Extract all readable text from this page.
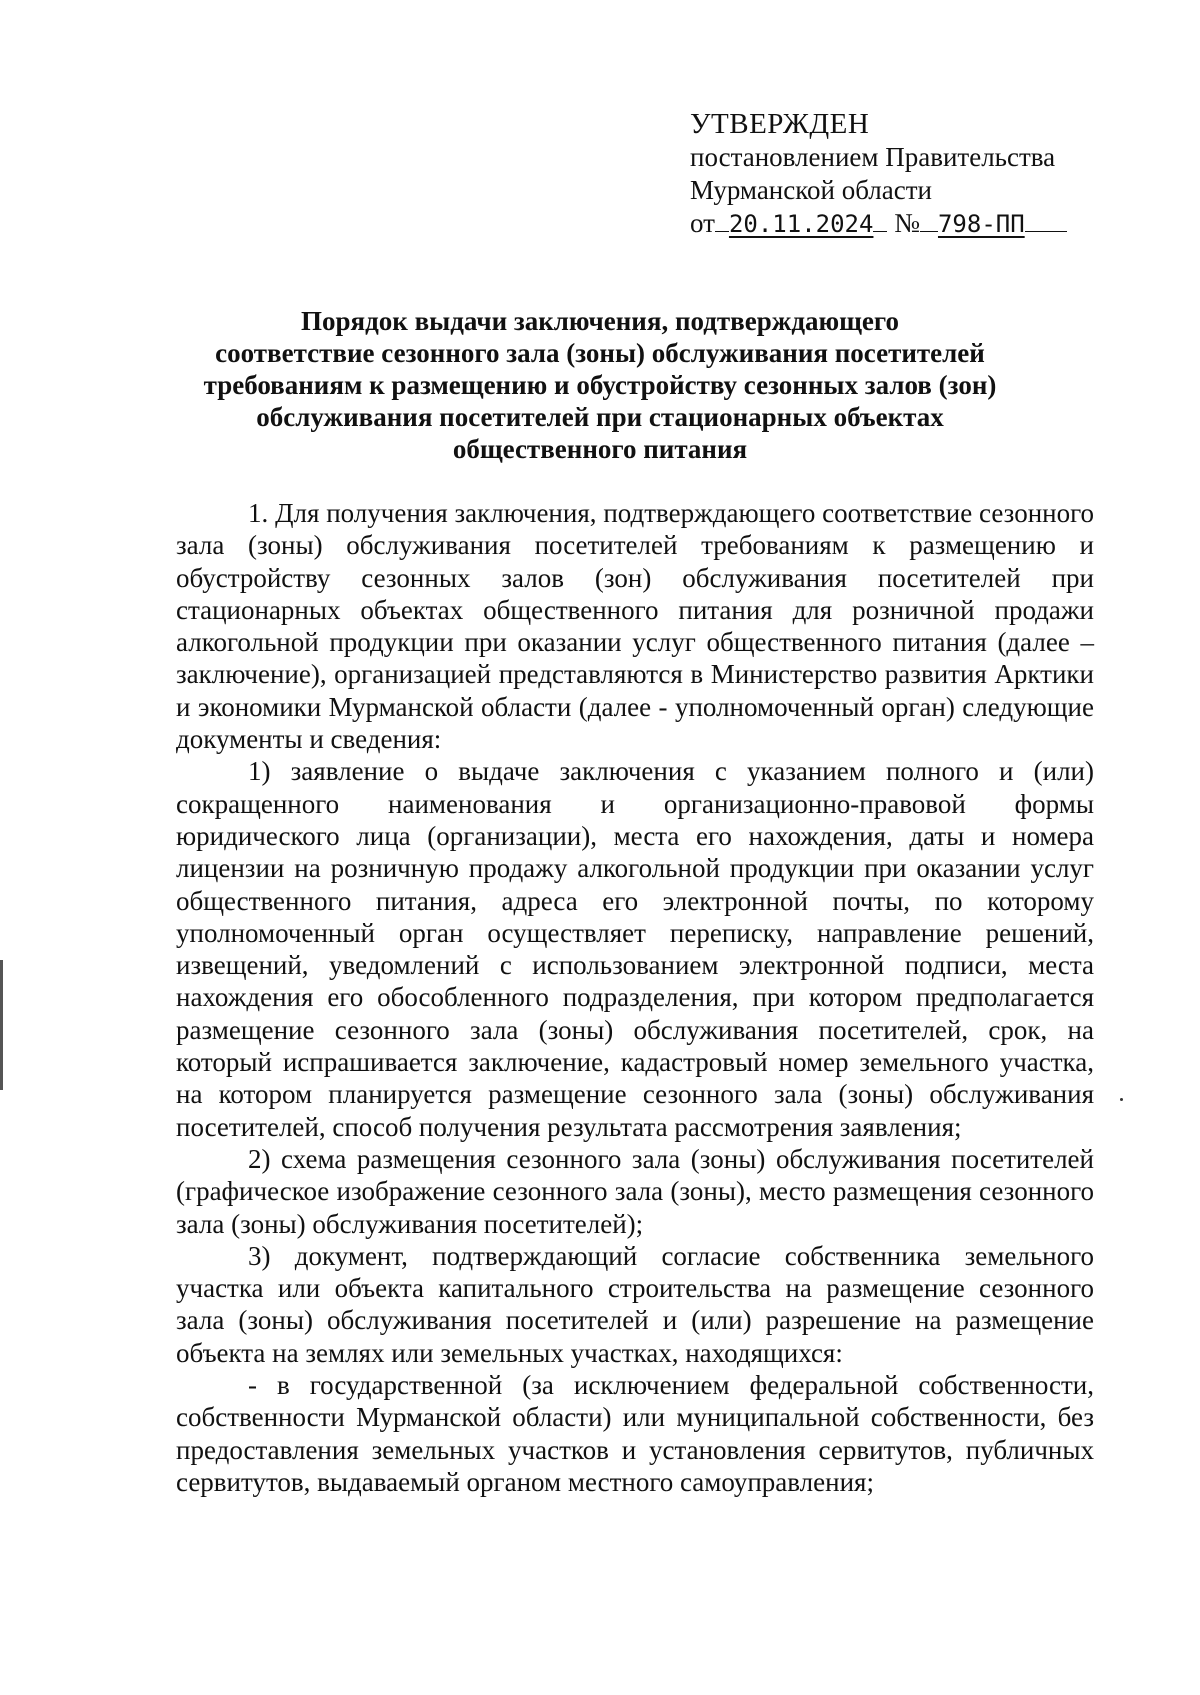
УТВЕРЖДЕН
постановлением Правительства
Мурманской области
от 20.11.2024 № 798-ПП
Порядок выдачи заключения, подтверждающего
соответствие сезонного зала (зоны) обслуживания посетителей
требованиям к размещению и обустройству сезонных залов (зон)
обслуживания посетителей при стационарных объектах
общественного питания

1. Для получения заключения, подтверждающего соответствие сезонного зала (зоны) обслуживания посетителей требованиям к размещению и обустройству сезонных залов (зон) обслуживания посетителей при стационарных объектах общественного питания для розничной продажи алкогольной продукции при оказании услуг общественного питания (далее – заключение), организацией представляются в Министерство развития Арктики и экономики Мурманской области (далее - уполномоченный орган) следующие документы и сведения:

1) заявление о выдаче заключения с указанием полного и (или) сокращенного наименования и организационно-правовой формы юридического лица (организации), места его нахождения, даты и номера лицензии на розничную продажу алкогольной продукции при оказании услуг общественного питания, адреса его электронной почты, по которому уполномоченный орган осуществляет переписку, направление решений, извещений, уведомлений с использованием электронной подписи, места нахождения его обособленного подразделения, при котором предполагается размещение сезонного зала (зоны) обслуживания посетителей, срок, на который испрашивается заключение, кадастровый номер земельного участка, на котором планируется размещение сезонного зала (зоны) обслуживания посетителей, способ получения результата рассмотрения заявления;

2) схема размещения сезонного зала (зоны) обслуживания посетителей (графическое изображение сезонного зала (зоны), место размещения сезонного зала (зоны) обслуживания посетителей);

3) документ, подтверждающий согласие собственника земельного участка или объекта капитального строительства на размещение сезонного зала (зоны) обслуживания посетителей и (или) разрешение на размещение объекта на землях или земельных участках, находящихся:

- в государственной (за исключением федеральной собственности, собственности Мурманской области) или муниципальной собственности, без предоставления земельных участков и установления сервитутов, публичных сервитутов, выдаваемый органом местного самоуправления;
